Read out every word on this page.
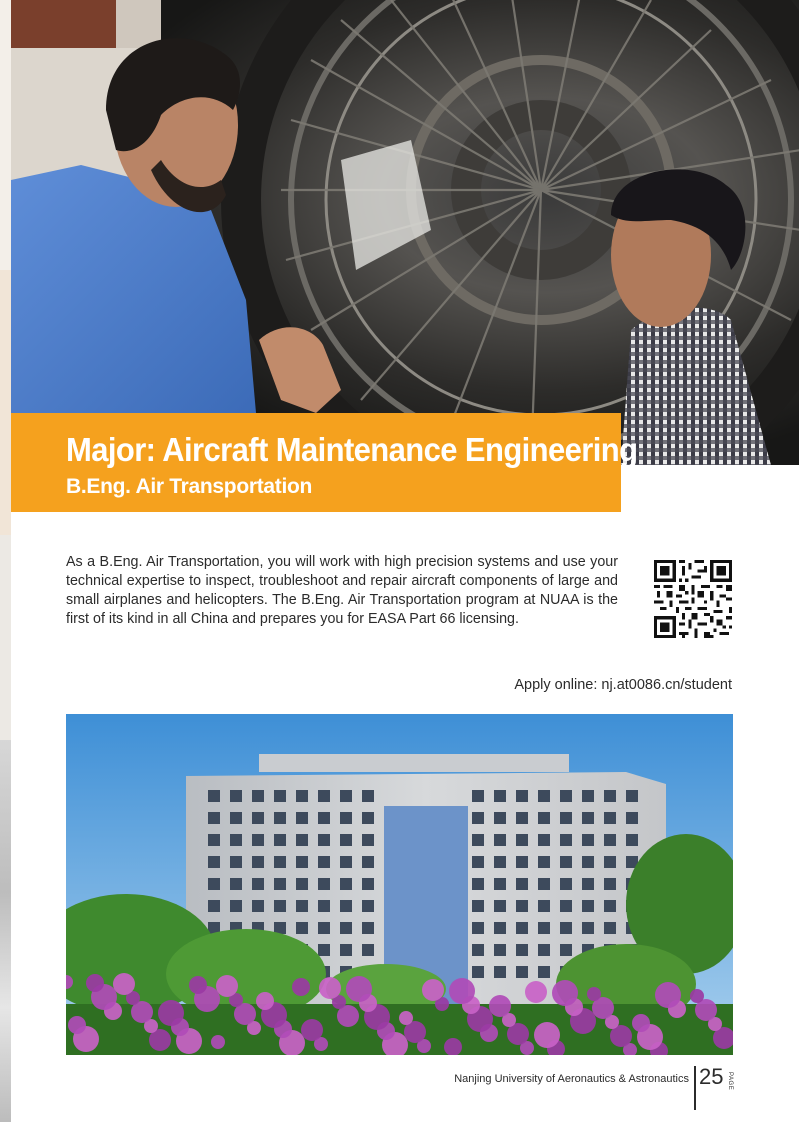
Major: Aircraft Maintenance Engineering
B.Eng. Air Transportation

As a B.Eng. Air Transportation, you will work with high precision systems and use your technical expertise to inspect, troubleshoot and repair aircraft components of large and small airplanes and helicopters. The B.Eng. Air Transportation program at NUAA is the first of its kind in all China and prepares you for EASA Part 66 licensing.

Apply online: nj.at0086.cn/student
Nanjing University of Aeronautics & Astronautics 25 PAGE
